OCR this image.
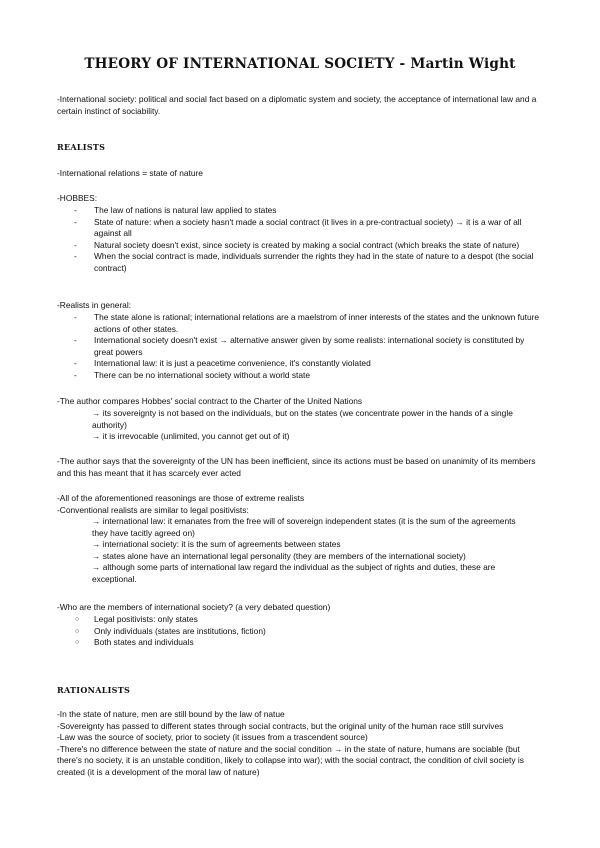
THEORY OF INTERNATIONAL SOCIETY - Martin Wight
-International society: political and social fact based on a diplomatic system and society, the acceptance of international law and a certain instinct of sociability.
REALISTS
-International relations = state of nature
-HOBBES:
- The law of nations is natural law applied to states
- State of nature: when a society hasn't made a social contract (it lives in a pre-contractual society) → it is a war of all against all
- Natural society doesn't exist, since society is created by making a social contract (which breaks the state of nature)
- When the social contract is made, individuals surrender the rights they had in the state of nature to a despot (the social contract)
-Realists in general:
- The state alone is rational; international relations are a maelstrom of inner interests of the states and the unknown future actions of other states.
- International society doesn't exist → alternative answer given by some realists: international society is constituted by great powers
- International law: it is just a peacetime convenience, it's constantly violated
- There can be no international society without a world state
-The author compares Hobbes' social contract to the Charter of the United Nations
→ its sovereignty is not based on the individuals, but on the states (we concentrate power in the hands of a single authority)
→ it is irrevocable (unlimited, you cannot get out of it)
-The author says that the sovereignty of the UN has been inefficient, since its actions must be based on unanimity of its members and this has meant that it has scarcely ever acted
-All of the aforementioned reasonings are those of extreme realists
-Conventional realists are similar to legal positivists:
→ international law: it emanates from the free will of sovereign independent states (it is the sum of the agreements they have tacitly agreed on)
→ international society: it is the sum of agreements between states
→ states alone have an international legal personality (they are members of the international society)
→ although some parts of international law regard the individual as the subject of rights and duties, these are exceptional.
-Who are the members of international society? (a very debated question)
○ Legal positivists: only states
○ Only individuals (states are institutions, fiction)
○ Both states and individuals
RATIONALISTS
-In the state of nature, men are still bound by the law of natue
-Sovereignty has passed to different states through social contracts, but the original unity of the human race still survives
-Law was the source of society, prior to society (it issues from a trascendent source)
-There's no difference between the state of nature and the social condition → in the state of nature, humans are sociable (but there's no society, it is an unstable condition, likely to collapse into war); with the social contract, the condition of civil society is created (it is a development of the moral law of nature)
